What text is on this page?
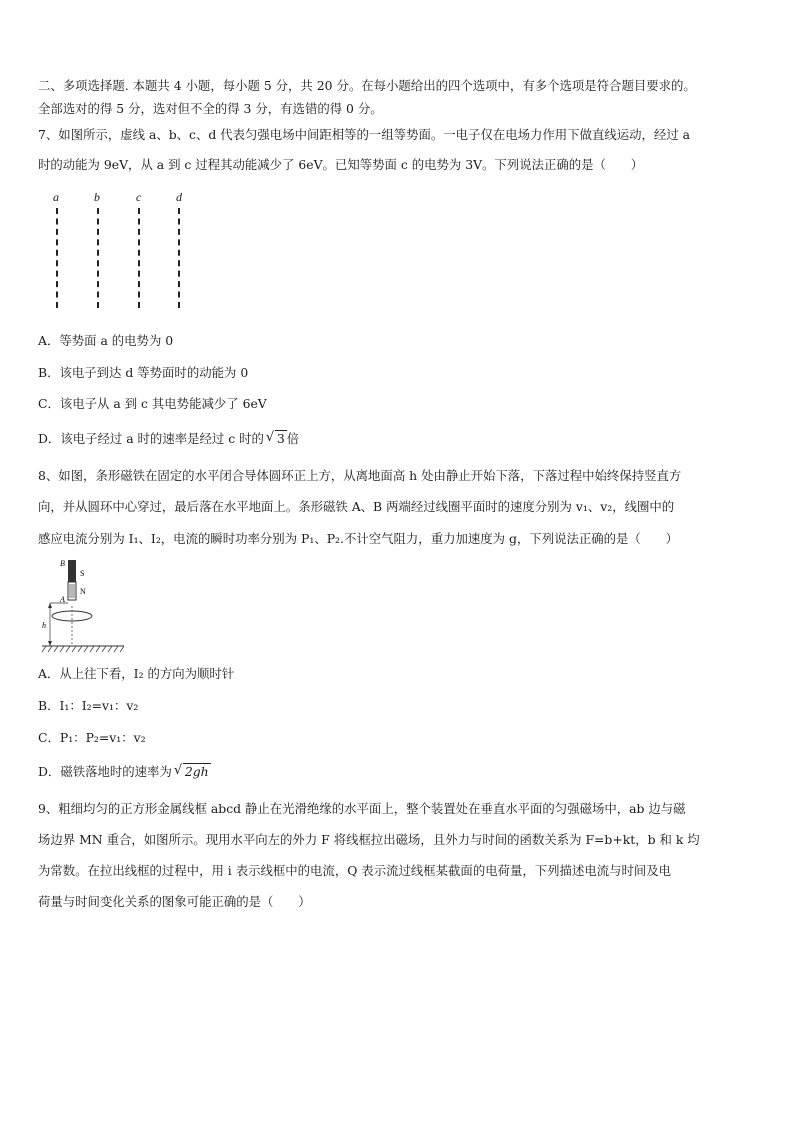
二、多项选择题. 本题共 4 小题，每小题 5 分，共 20 分。在每小题给出的四个选项中，有多个选项是符合题目要求的。
全部选对的得 5 分，选对但不全的得 3 分，有选错的得 0 分。
7、如图所示，虚线 a、b、c、d 代表匀强电场中间距相等的一组等势面。一电子仅在电场力作用下做直线运动，经过 a
时的动能为 9eV，从 a 到 c 过程其动能减少了 6eV。已知等势面 c 的电势为 3V。下列说法正确的是（　　）
a	b	c	d
A．等势面 a 的电势为 0
B．该电子到达 d 等势面时的动能为 0
C．该电子从 a 到 c 其电势能减少了 6eV
D．该电子经过 a 时的速率是经过 c 时的 √ 3 倍
8、如图，条形磁铁在固定的水平闭合导体圆环正上方，从离地面高 h 处由静止开始下落，下落过程中始终保持竖直方
向，并从圆环中心穿过，最后落在水平地面上。条形磁铁 A、B 两端经过线圈平面时的速度分别为 v₁、v₂，线圈中的
感应电流分别为 I₁、I₂，电流的瞬时功率分别为 P₁、P₂.不计空气阻力，重力加速度为 g，下列说法正确的是（　　）
B
S
N
A
h
A．从上往下看，I₂ 的方向为顺时针
B．I₁：I₂=v₁：v₂
C．P₁：P₂=v₁：v₂
D．磁铁落地时的速率为 √ 2gh
9、粗细均匀的正方形金属线框 abcd 静止在光滑绝缘的水平面上，整个装置处在垂直水平面的匀强磁场中，ab 边与磁
场边界 MN 重合，如图所示。现用水平向左的外力 F 将线框拉出磁场，且外力与时间的函数关系为 F=b+kt，b 和 k 均
为常数。在拉出线框的过程中，用 i 表示线框中的电流，Q 表示流过线框某截面的电荷量，下列描述电流与时间及电
荷量与时间变化关系的图象可能正确的是（　　）
